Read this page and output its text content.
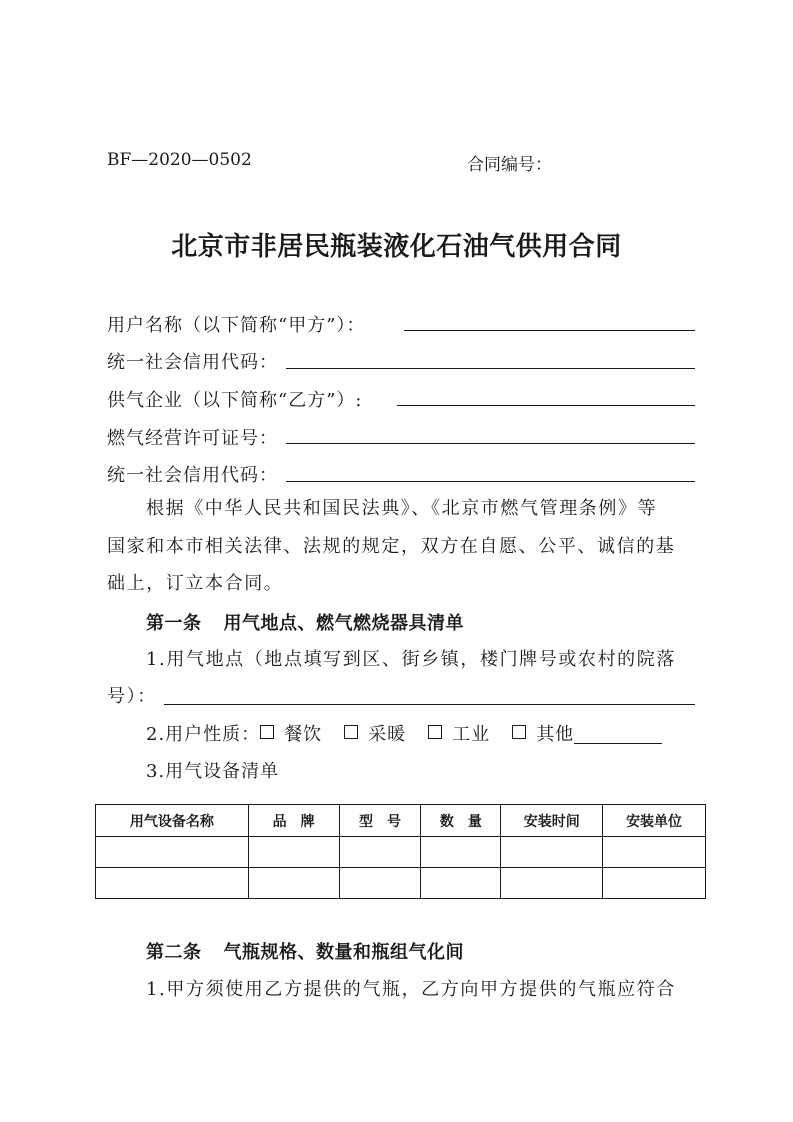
BF—2020—0502	合同编号：
北京市非居民瓶装液化石油气供用合同
用户名称（以下简称“甲方”）：
统一社会信用代码：
供气企业（以下简称“乙方”）:
燃气经营许可证号：
统一社会信用代码：
根据《中华人民共和国民法典》、《北京市燃气管理条例》等
国家和本市相关法律、法规的规定，双方在自愿、公平、诚信的基
础上，订立本合同。
第一条 用气地点、燃气燃烧器具清单
1.用气地点（地点填写到区、街乡镇，楼门牌号或农村的院落
号）：
2.用户性质： 餐饮	采暖	工业	其他
3.用气设备清单
用气设备名称	品　牌	型　号	数　量	安装时间	安装单位

第二条 气瓶规格、数量和瓶组气化间
1.甲方须使用乙方提供的气瓶，乙方向甲方提供的气瓶应符合
